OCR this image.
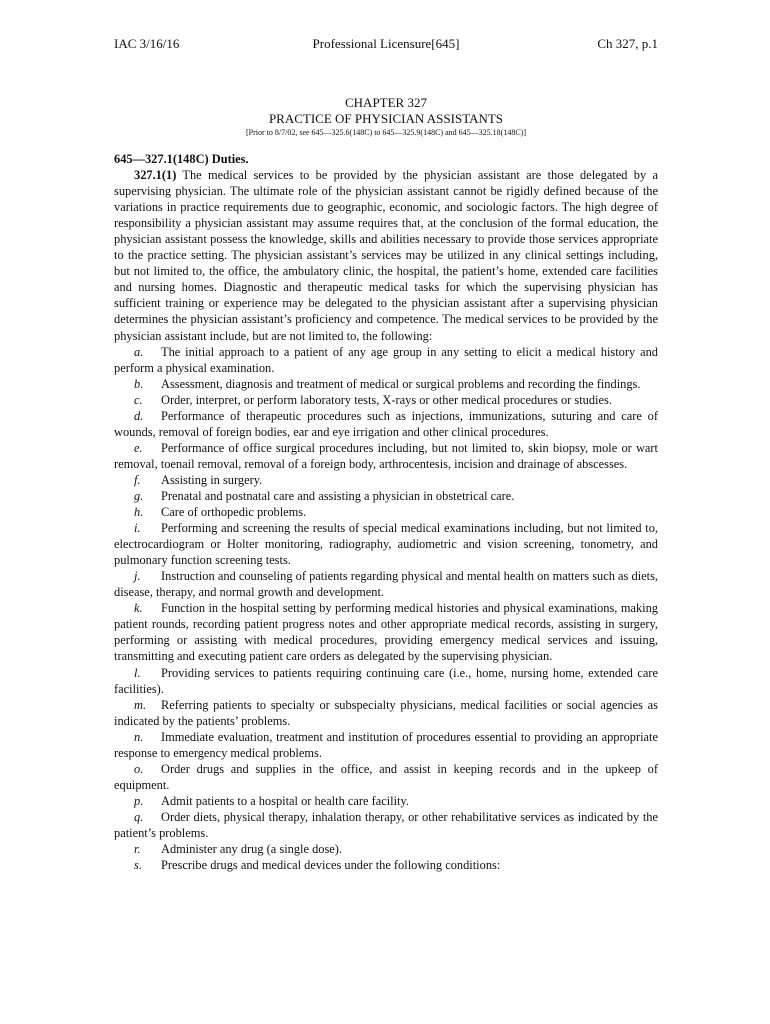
IAC 3/16/16	Professional Licensure[645]	Ch 327, p.1
CHAPTER 327
PRACTICE OF PHYSICIAN ASSISTANTS
[Prior to 8/7/02, see 645—325.6(148C) to 645—325.9(148C) and 645—325.18(148C)]

645—327.1(148C) Duties.

327.1(1) The medical services to be provided by the physician assistant are those delegated by a supervising physician. The ultimate role of the physician assistant cannot be rigidly defined because of the variations in practice requirements due to geographic, economic, and sociologic factors. The high degree of responsibility a physician assistant may assume requires that, at the conclusion of the formal education, the physician assistant possess the knowledge, skills and abilities necessary to provide those services appropriate to the practice setting. The physician assistant’s services may be utilized in any clinical settings including, but not limited to, the office, the ambulatory clinic, the hospital, the patient’s home, extended care facilities and nursing homes. Diagnostic and therapeutic medical tasks for which the supervising physician has sufficient training or experience may be delegated to the physician assistant after a supervising physician determines the physician assistant’s proficiency and competence. The medical services to be provided by the physician assistant include, but are not limited to, the following:

a. The initial approach to a patient of any age group in any setting to elicit a medical history and perform a physical examination.

b. Assessment, diagnosis and treatment of medical or surgical problems and recording the findings.

c. Order, interpret, or perform laboratory tests, X-rays or other medical procedures or studies.

d. Performance of therapeutic procedures such as injections, immunizations, suturing and care of wounds, removal of foreign bodies, ear and eye irrigation and other clinical procedures.

e. Performance of office surgical procedures including, but not limited to, skin biopsy, mole or wart removal, toenail removal, removal of a foreign body, arthrocentesis, incision and drainage of abscesses.

f. Assisting in surgery.

g. Prenatal and postnatal care and assisting a physician in obstetrical care.

h. Care of orthopedic problems.

i. Performing and screening the results of special medical examinations including, but not limited to, electrocardiogram or Holter monitoring, radiography, audiometric and vision screening, tonometry, and pulmonary function screening tests.

j. Instruction and counseling of patients regarding physical and mental health on matters such as diets, disease, therapy, and normal growth and development.

k. Function in the hospital setting by performing medical histories and physical examinations, making patient rounds, recording patient progress notes and other appropriate medical records, assisting in surgery, performing or assisting with medical procedures, providing emergency medical services and issuing, transmitting and executing patient care orders as delegated by the supervising physician.

l. Providing services to patients requiring continuing care (i.e., home, nursing home, extended care facilities).

m. Referring patients to specialty or subspecialty physicians, medical facilities or social agencies as indicated by the patients’ problems.

n. Immediate evaluation, treatment and institution of procedures essential to providing an appropriate response to emergency medical problems.

o. Order drugs and supplies in the office, and assist in keeping records and in the upkeep of equipment.

p. Admit patients to a hospital or health care facility.

q. Order diets, physical therapy, inhalation therapy, or other rehabilitative services as indicated by the patient’s problems.

r. Administer any drug (a single dose).

s. Prescribe drugs and medical devices under the following conditions:
